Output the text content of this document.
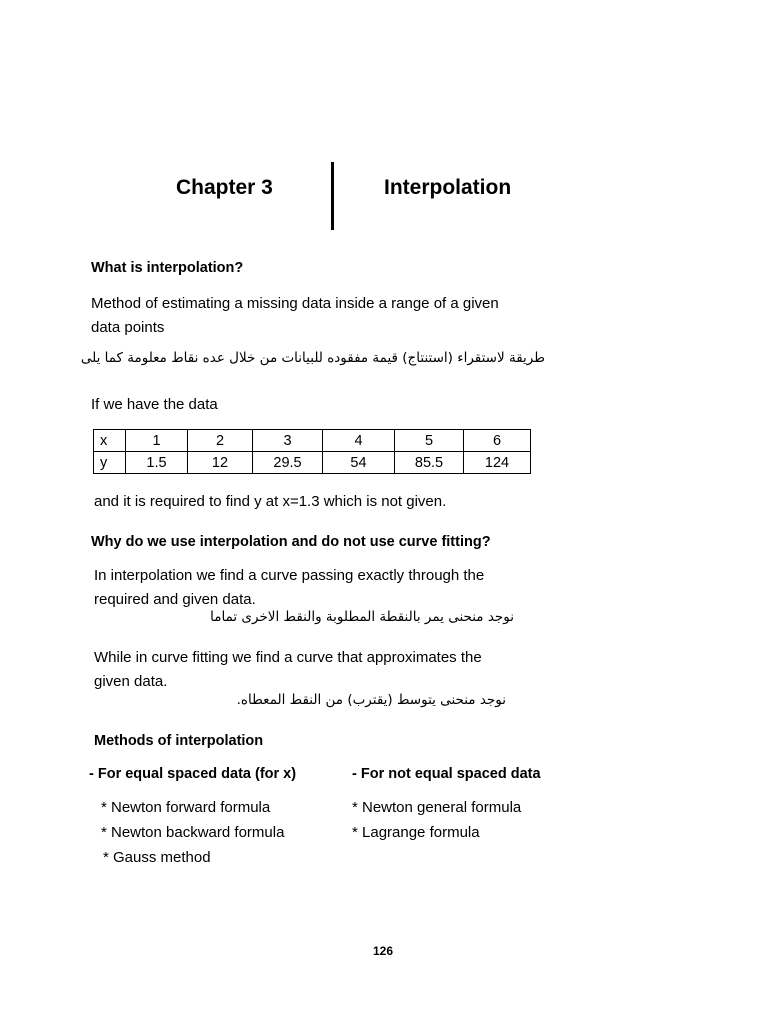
Chapter 3	Interpolation
What is interpolation?
Method of estimating a missing data inside a range of a given
data points
طريقة لاستقراء (استنتاج) قيمة مفقوده للبيانات من خلال عده نقاط معلومة كما يلى
If we have the data
x	1	2	3	4	5	6
y	1.5	12	29.5	54	85.5	124
and it is required to find y at x=1.3 which is not given.
Why do we use interpolation and do not use curve fitting?
In interpolation we find a curve passing exactly through the
required and given data.
نوجد منحنى يمر بالنقطة المطلوبة والنقط الاخرى تماما
While in curve fitting we find a curve that approximates the
given data.
نوجد منحنى يتوسط (يقترب) من النقط المعطاه.
Methods of interpolation
- For equal spaced data (for x)
* Newton forward formula
* Newton backward formula
* Gauss method
- For not equal spaced data
* Newton general formula
* Lagrange formula
126
